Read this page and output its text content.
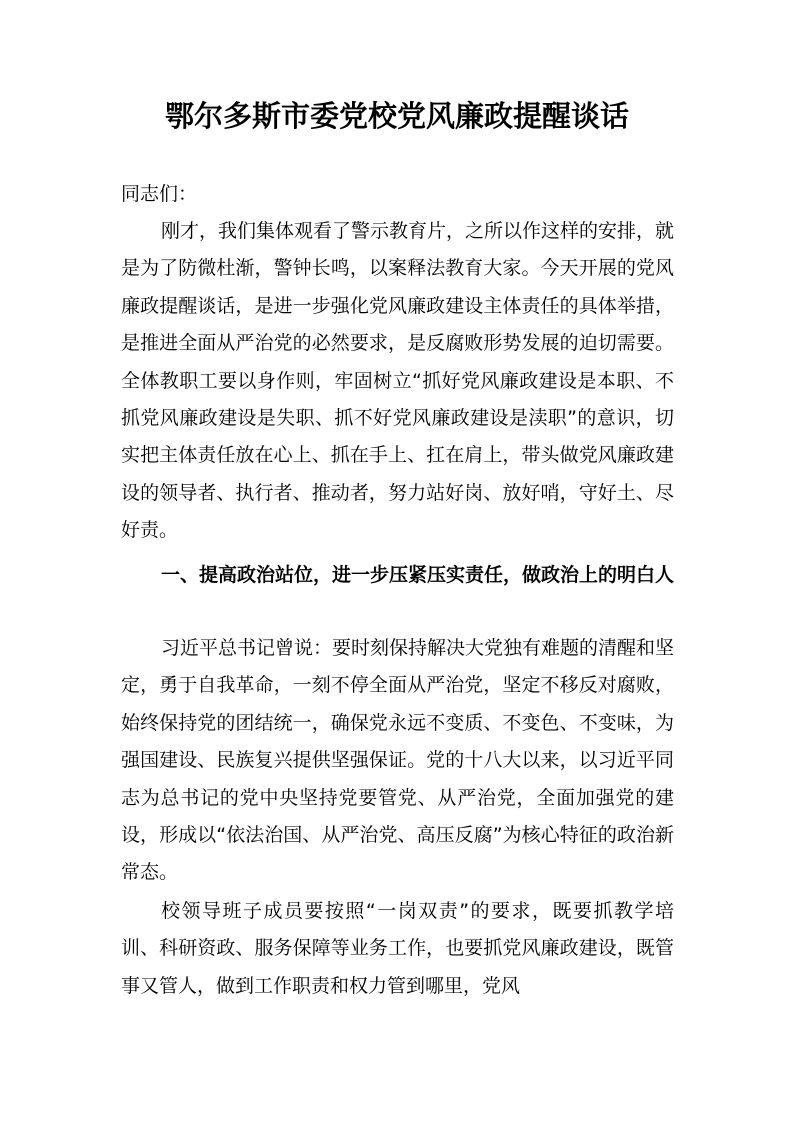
鄂尔多斯市委党校党风廉政提醒谈话

同志们：

刚才，我们集体观看了警示教育片，之所以作这样的安排，就是为了防微杜渐，警钟长鸣，以案释法教育大家。今天开展的党风廉政提醒谈话，是进一步强化党风廉政建设主体责任的具体举措，是推进全面从严治党的必然要求，是反腐败形势发展的迫切需要。全体教职工要以身作则，牢固树立“抓好党风廉政建设是本职、不抓党风廉政建设是失职、抓不好党风廉政建设是渎职”的意识，切实把主体责任放在心上、抓在手上、扛在肩上，带头做党风廉政建设的领导者、执行者、推动者，努力站好岗、放好哨，守好土、尽好责。

一、提高政治站位，进一步压紧压实责任，做政治上的明白人

习近平总书记曾说：要时刻保持解决大党独有难题的清醒和坚定，勇于自我革命，一刻不停全面从严治党，坚定不移反对腐败，始终保持党的团结统一，确保党永远不变质、不变色、不变味，为强国建设、民族复兴提供坚强保证。党的十八大以来，以习近平同志为总书记的党中央坚持党要管党、从严治党，全面加强党的建设，形成以“依法治国、从严治党、高压反腐”为核心特征的政治新常态。

校领导班子成员要按照“一岗双责”的要求，既要抓教学培训、科研资政、服务保障等业务工作，也要抓党风廉政建设，既管事又管人，做到工作职责和权力管到哪里，党风
